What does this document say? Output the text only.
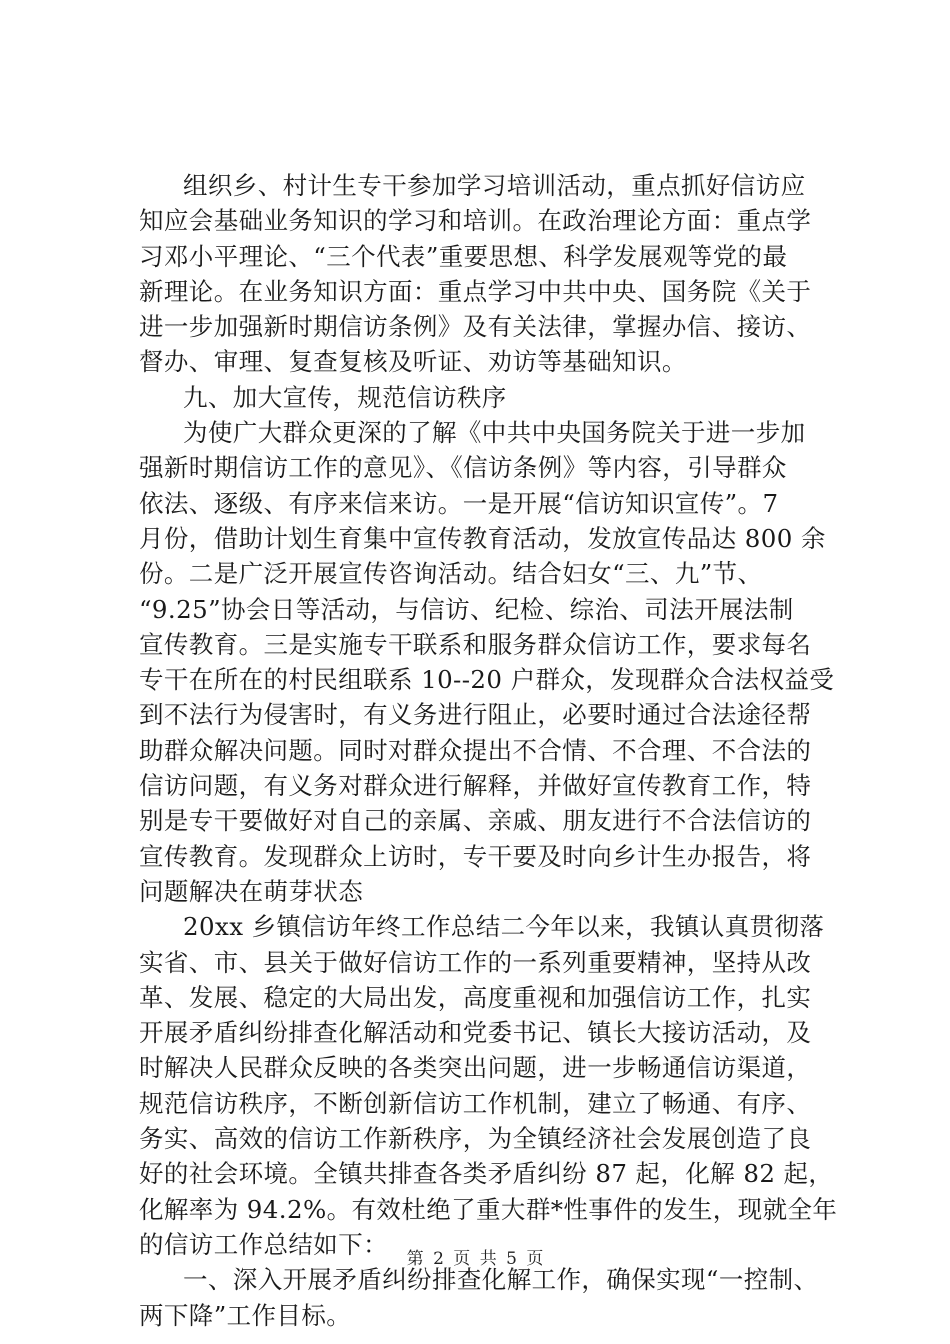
组织乡、村计生专干参加学习培训活动，重点抓好信访应
知应会基础业务知识的学习和培训。在政治理论方面：重点学
习邓小平理论、“三个代表”重要思想、科学发展观等党的最
新理论。在业务知识方面：重点学习中共中央、国务院《关于
进一步加强新时期信访条例》及有关法律，掌握办信、接访、
督办、审理、复查复核及听证、劝访等基础知识。
九、加大宣传，规范信访秩序
为使广大群众更深的了解《中共中央国务院关于进一步加
强新时期信访工作的意见》、《信访条例》等内容，引导群众
依法、逐级、有序来信来访。一是开展“信访知识宣传”。7
月份，借助计划生育集中宣传教育活动，发放宣传品达 800 余
份。二是广泛开展宣传咨询活动。结合妇女“三、九”节、
“9.25”协会日等活动，与信访、纪检、综治、司法开展法制
宣传教育。三是实施专干联系和服务群众信访工作，要求每名
专干在所在的村民组联系 10--20 户群众，发现群众合法权益受
到不法行为侵害时，有义务进行阻止，必要时通过合法途径帮
助群众解决问题。同时对群众提出不合情、不合理、不合法的
信访问题，有义务对群众进行解释，并做好宣传教育工作，特
别是专干要做好对自己的亲属、亲戚、朋友进行不合法信访的
宣传教育。发现群众上访时，专干要及时向乡计生办报告，将
问题解决在萌芽状态
20xx 乡镇信访年终工作总结二今年以来，我镇认真贯彻落
实省、市、县关于做好信访工作的一系列重要精神，坚持从改
革、发展、稳定的大局出发，高度重视和加强信访工作，扎实
开展矛盾纠纷排查化解活动和党委书记、镇长大接访活动，及
时解决人民群众反映的各类突出问题，进一步畅通信访渠道，
规范信访秩序，不断创新信访工作机制，建立了畅通、有序、
务实、高效的信访工作新秩序，为全镇经济社会发展创造了良
好的社会环境。全镇共排查各类矛盾纠纷 87 起，化解 82 起，
化解率为 94.2%。有效杜绝了重大群*性事件的发生，现就全年
的信访工作总结如下：
一、深入开展矛盾纠纷排查化解工作，确保实现“一控制、
两下降”工作目标。
第 2 页 共 5 页
